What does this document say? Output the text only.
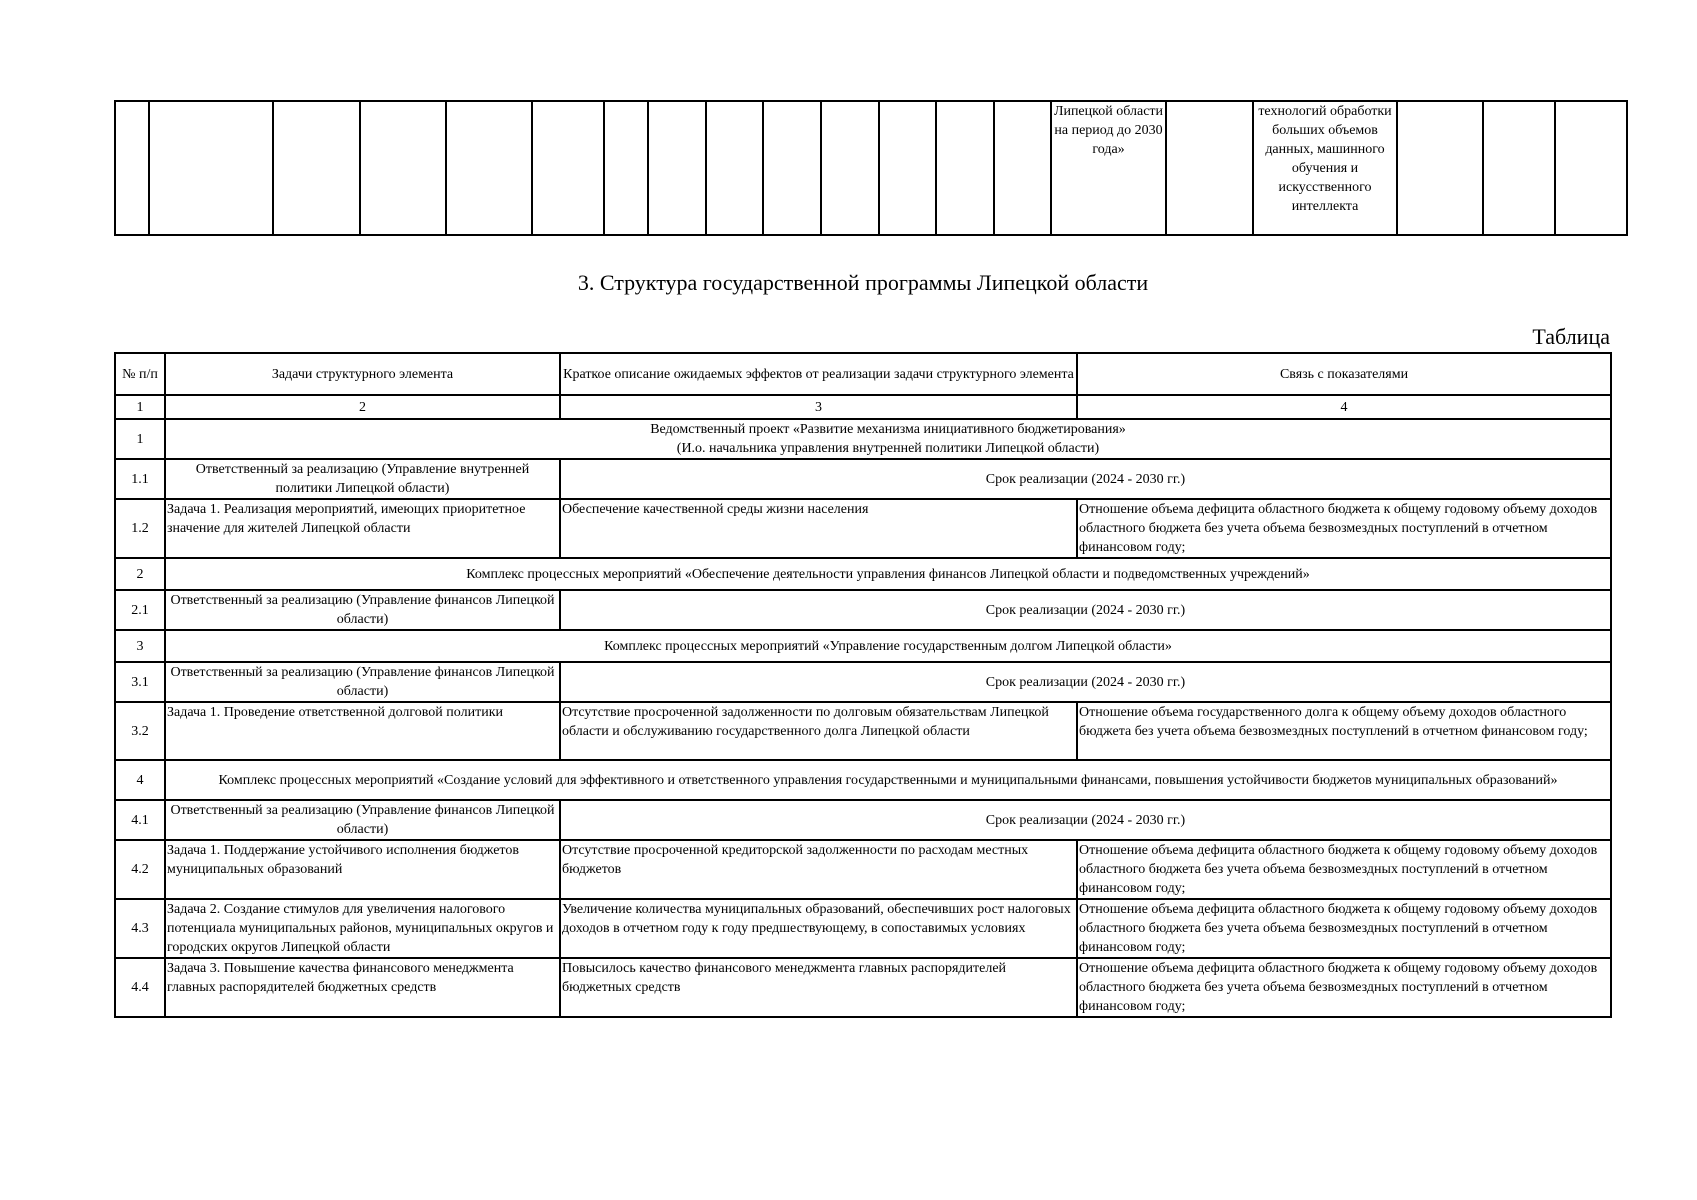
														Липецкой области на период до 2030 года»		технологий обработки больших объемов данных, машинного обучения и искусственного интеллекта			
3. Структура государственной программы Липецкой области
Таблица
№ п/п	Задачи структурного элемента	Краткое описание ожидаемых эффектов от реализации задачи структурного элемента	Связь с показателями
1	2	3	4
1	Ведомственный проект «Развитие механизма инициативного бюджетирования»
(И.о. начальника управления внутренней политики Липецкой области)		

1.1	Ответственный за реализацию (Управление внутренней политики Липецкой области)	Срок реализации (2024 - 2030 гг.)	
1.2	Задача 1. Реализация мероприятий, имеющих приоритетное значение для жителей Липецкой области	Обеспечение качественной среды жизни населения	Отношение объема дефицита областного бюджета к общему годовому объему доходов областного бюджета без учета объема безвозмездных поступлений в отчетном финансовом году;
2	Комплекс процессных мероприятий «Обеспечение деятельности управления финансов Липецкой области и подведомственных учреждений»		
2.1	Ответственный за реализацию (Управление финансов Липецкой области)	Срок реализации (2024 - 2030 гг.)	
3	Комплекс процессных мероприятий «Управление государственным долгом Липецкой области»		
3.1	Ответственный за реализацию (Управление финансов Липецкой области)	Срок реализации (2024 - 2030 гг.)	
3.2	Задача 1. Проведение ответственной долговой политики	Отсутствие просроченной задолженности по долговым обязательствам Липецкой области и обслуживанию государственного долга Липецкой области	Отношение объема государственного долга к общему объему доходов областного бюджета без учета объема безвозмездных поступлений в отчетном финансовом году;
4	Комплекс процессных мероприятий «Создание условий для эффективного и ответственного управления государственными и муниципальными финансами, повышения устойчивости бюджетов муниципальных образований»		
4.1	Ответственный за реализацию (Управление финансов Липецкой области)	Срок реализации (2024 - 2030 гг.)	
4.2	Задача 1. Поддержание устойчивого исполнения бюджетов муниципальных образований	Отсутствие просроченной кредиторской задолженности по расходам местных бюджетов	Отношение объема дефицита областного бюджета к общему годовому объему доходов областного бюджета без учета объема безвозмездных поступлений в отчетном финансовом году;
4.3	Задача 2. Создание стимулов для увеличения налогового потенциала муниципальных районов, муниципальных округов и городских округов Липецкой области	Увеличение количества муниципальных образований, обеспечивших рост налоговых доходов в отчетном году к году предшествующему, в сопоставимых условиях	Отношение объема дефицита областного бюджета к общему годовому объему доходов областного бюджета без учета объема безвозмездных поступлений в отчетном финансовом году;
4.4	Задача 3. Повышение качества финансового менеджмента главных распорядителей бюджетных средств	Повысилось качество финансового менеджмента главных распорядителей бюджетных средств	Отношение объема дефицита областного бюджета к общему годовому объему доходов областного бюджета без учета объема безвозмездных поступлений в отчетном финансовом году;
